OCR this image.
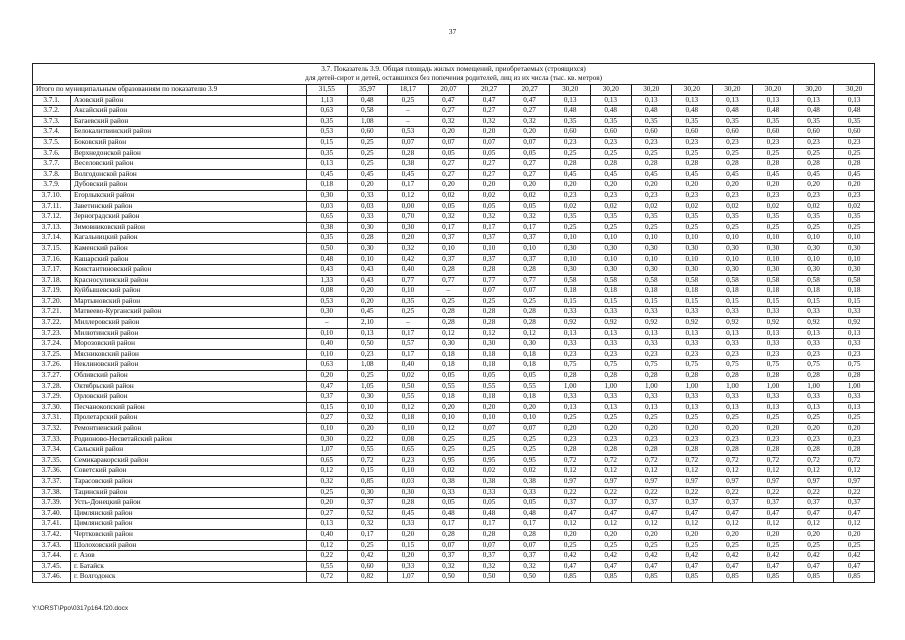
37
3.7. Показатель 3.9. Общая площадь жилых помещений, приобретаемых (строящихся)
для детей-сирот и детей, оставшихся без попечения родителей, лиц из их числа (тыс. кв. метров)															

Итого по муниципальным образованиям по показателю 3.9		31,55	35,97	18,17	20,07	20,27	20,27	30,20	30,20	30,20	30,20	30,20	30,20	30,20	30,20
3.7.1.	Азовский район	1,13	0,48	0,25	0,47	0,47	0,47	0,13	0,13	0,13	0,13	0,13	0,13	0,13	0,13
3.7.2.	Аксайский район	0,63	0,58	–	0,27	0,27	0,27	0,48	0,48	0,48	0,48	0,48	0,48	0,48	0,48
3.7.3.	Багаевский район	0,35	1,08	–	0,32	0,32	0,32	0,35	0,35	0,35	0,35	0,35	0,35	0,35	0,35
3.7.4.	Белокалитвинский район	0,53	0,60	0,53	0,20	0,20	0,20	0,60	0,60	0,60	0,60	0,60	0,60	0,60	0,60
3.7.5.	Боковский район	0,15	0,25	0,07	0,07	0,07	0,07	0,23	0,23	0,23	0,23	0,23	0,23	0,23	0,23
3.7.6.	Верхнедонской район	0,35	0,25	0,28	0,05	0,05	0,05	0,25	0,25	0,25	0,25	0,25	0,25	0,25	0,25
3.7.7.	Веселовский район	0,13	0,25	0,38	0,27	0,27	0,27	0,28	0,28	0,28	0,28	0,28	0,28	0,28	0,28
3.7.8.	Волгодонской район	0,45	0,45	0,45	0,27	0,27	0,27	0,45	0,45	0,45	0,45	0,45	0,45	0,45	0,45
3.7.9.	Дубовский район	0,18	0,20	0,17	0,20	0,20	0,20	0,20	0,20	0,20	0,20	0,20	0,20	0,20	0,20
3.7.10.	Егорлыкский район	0,30	0,33	0,12	0,02	0,02	0,02	0,23	0,23	0,23	0,23	0,23	0,23	0,23	0,23
3.7.11.	Заветинский район	0,03	0,03	0,00	0,05	0,05	0,05	0,02	0,02	0,02	0,02	0,02	0,02	0,02	0,02
3.7.12.	Зерноградский район	0,65	0,33	0,70	0,32	0,32	0,32	0,35	0,35	0,35	0,35	0,35	0,35	0,35	0,35
3.7.13.	Зимовниковский район	0,38	0,30	0,30	0,17	0,17	0,17	0,25	0,25	0,25	0,25	0,25	0,25	0,25	0,25
3.7.14.	Кагальницкий район	0,35	0,28	0,20	0,37	0,37	0,37	0,10	0,10	0,10	0,10	0,10	0,10	0,10	0,10
3.7.15.	Каменский район	0,50	0,30	0,32	0,10	0,10	0,10	0,30	0,30	0,30	0,30	0,30	0,30	0,30	0,30
3.7.16.	Кашарский район	0,48	0,10	0,42	0,37	0,37	0,37	0,10	0,10	0,10	0,10	0,10	0,10	0,10	0,10
3.7.17.	Константиновский район	0,43	0,43	0,40	0,28	0,28	0,28	0,30	0,30	0,30	0,30	0,30	0,30	0,30	0,30
3.7.18.	Красносулинский район	1,33	0,43	0,77	0,77	0,77	0,77	0,58	0,58	0,58	0,58	0,58	0,58	0,58	0,58
3.7.19.	Куйбышевский район	0,08	0,20	0,10	–	0,07	0,07	0,18	0,18	0,18	0,18	0,18	0,18	0,18	0,18
3.7.20.	Мартыновский район	0,53	0,20	0,35	0,25	0,25	0,25	0,15	0,15	0,15	0,15	0,15	0,15	0,15	0,15
3.7.21.	Матвеево-Курганский район	0,30	0,45	0,25	0,28	0,28	0,28	0,33	0,33	0,33	0,33	0,33	0,33	0,33	0,33
3.7.22.	Миллеровский район	–	2,10	–	0,28	0,28	0,28	0,92	0,92	0,92	0,92	0,92	0,92	0,92	0,92
3.7.23.	Милютинский район	0,10	0,13	0,17	0,12	0,12	0,12	0,13	0,13	0,13	0,13	0,13	0,13	0,13	0,13
3.7.24.	Морозовский район	0,40	0,50	0,57	0,30	0,30	0,30	0,33	0,33	0,33	0,33	0,33	0,33	0,33	0,33
3.7.25.	Мясниковский район	0,10	0,23	0,17	0,18	0,18	0,18	0,23	0,23	0,23	0,23	0,23	0,23	0,23	0,23
3.7.26.	Неклиновский район	0,63	1,08	0,40	0,18	0,18	0,18	0,75	0,75	0,75	0,75	0,75	0,75	0,75	0,75
3.7.27.	Обливский район	0,20	0,25	0,02	0,05	0,05	0,05	0,28	0,28	0,28	0,28	0,28	0,28	0,28	0,28
3.7.28.	Октябрьский район	0,47	1,05	0,50	0,55	0,55	0,55	1,00	1,00	1,00	1,00	1,00	1,00	1,00	1,00
3.7.29.	Орловский район	0,37	0,30	0,55	0,18	0,18	0,18	0,33	0,33	0,33	0,33	0,33	0,33	0,33	0,33
3.7.30.	Песчанокопский район	0,15	0,10	0,12	0,20	0,20	0,20	0,13	0,13	0,13	0,13	0,13	0,13	0,13	0,13
3.7.31.	Пролетарский район	0,27	0,32	0,18	0,10	0,10	0,10	0,25	0,25	0,25	0,25	0,25	0,25	0,25	0,25
3.7.32.	Ремонтненский район	0,10	0,20	0,10	0,12	0,07	0,07	0,20	0,20	0,20	0,20	0,20	0,20	0,20	0,20
3.7.33.	Родионово-Несветайский район	0,30	0,22	0,08	0,25	0,25	0,25	0,23	0,23	0,23	0,23	0,23	0,23	0,23	0,23
3.7.34.	Сальский район	1,07	0,55	0,65	0,25	0,25	0,25	0,28	0,28	0,28	0,28	0,28	0,28	0,28	0,28
3.7.35.	Семикаракорский район	0,65	0,72	0,23	0,95	0,95	0,95	0,72	0,72	0,72	0,72	0,72	0,72	0,72	0,72
3.7.36.	Советский район	0,12	0,15	0,10	0,02	0,02	0,02	0,12	0,12	0,12	0,12	0,12	0,12	0,12	0,12
3.7.37.	Тарасовский район	0,32	0,85	0,03	0,38	0,38	0,38	0,97	0,97	0,97	0,97	0,97	0,97	0,97	0,97
3.7.38.	Тацинский район	0,25	0,30	0,30	0,33	0,33	0,33	0,22	0,22	0,22	0,22	0,22	0,22	0,22	0,22
3.7.39.	Усть-Донецкий район	0,20	0,37	0,28	0,05	0,05	0,05	0,37	0,37	0,37	0,37	0,37	0,37	0,37	0,37
3.7.40.	Цимлянский район	0,27	0,52	0,45	0,48	0,48	0,48	0,47	0,47	0,47	0,47	0,47	0,47	0,47	0,47
3.7.41.	Цимлянский район	0,13	0,32	0,33	0,17	0,17	0,17	0,12	0,12	0,12	0,12	0,12	0,12	0,12	0,12
3.7.42.	Чертковский район	0,40	0,17	0,20	0,28	0,28	0,28	0,20	0,20	0,20	0,20	0,20	0,20	0,20	0,20
3.7.43.	Шолоховский район	0,12	0,25	0,15	0,07	0,07	0,07	0,25	0,25	0,25	0,25	0,25	0,25	0,25	0,25
3.7.44.	г. Азов	0,22	0,42	0,20	0,37	0,37	0,37	0,42	0,42	0,42	0,42	0,42	0,42	0,42	0,42
3.7.45.	г. Батайск	0,55	0,60	0,33	0,32	0,32	0,32	0,47	0,47	0,47	0,47	0,47	0,47	0,47	0,47
3.7.46.	г. Волгодонск	0,72	0,82	1,07	0,50	0,50	0,50	0,85	0,85	0,85	0,85	0,85	0,85	0,85	0,85
Y:\ORST\Ppo\0317p164.f20.docx
